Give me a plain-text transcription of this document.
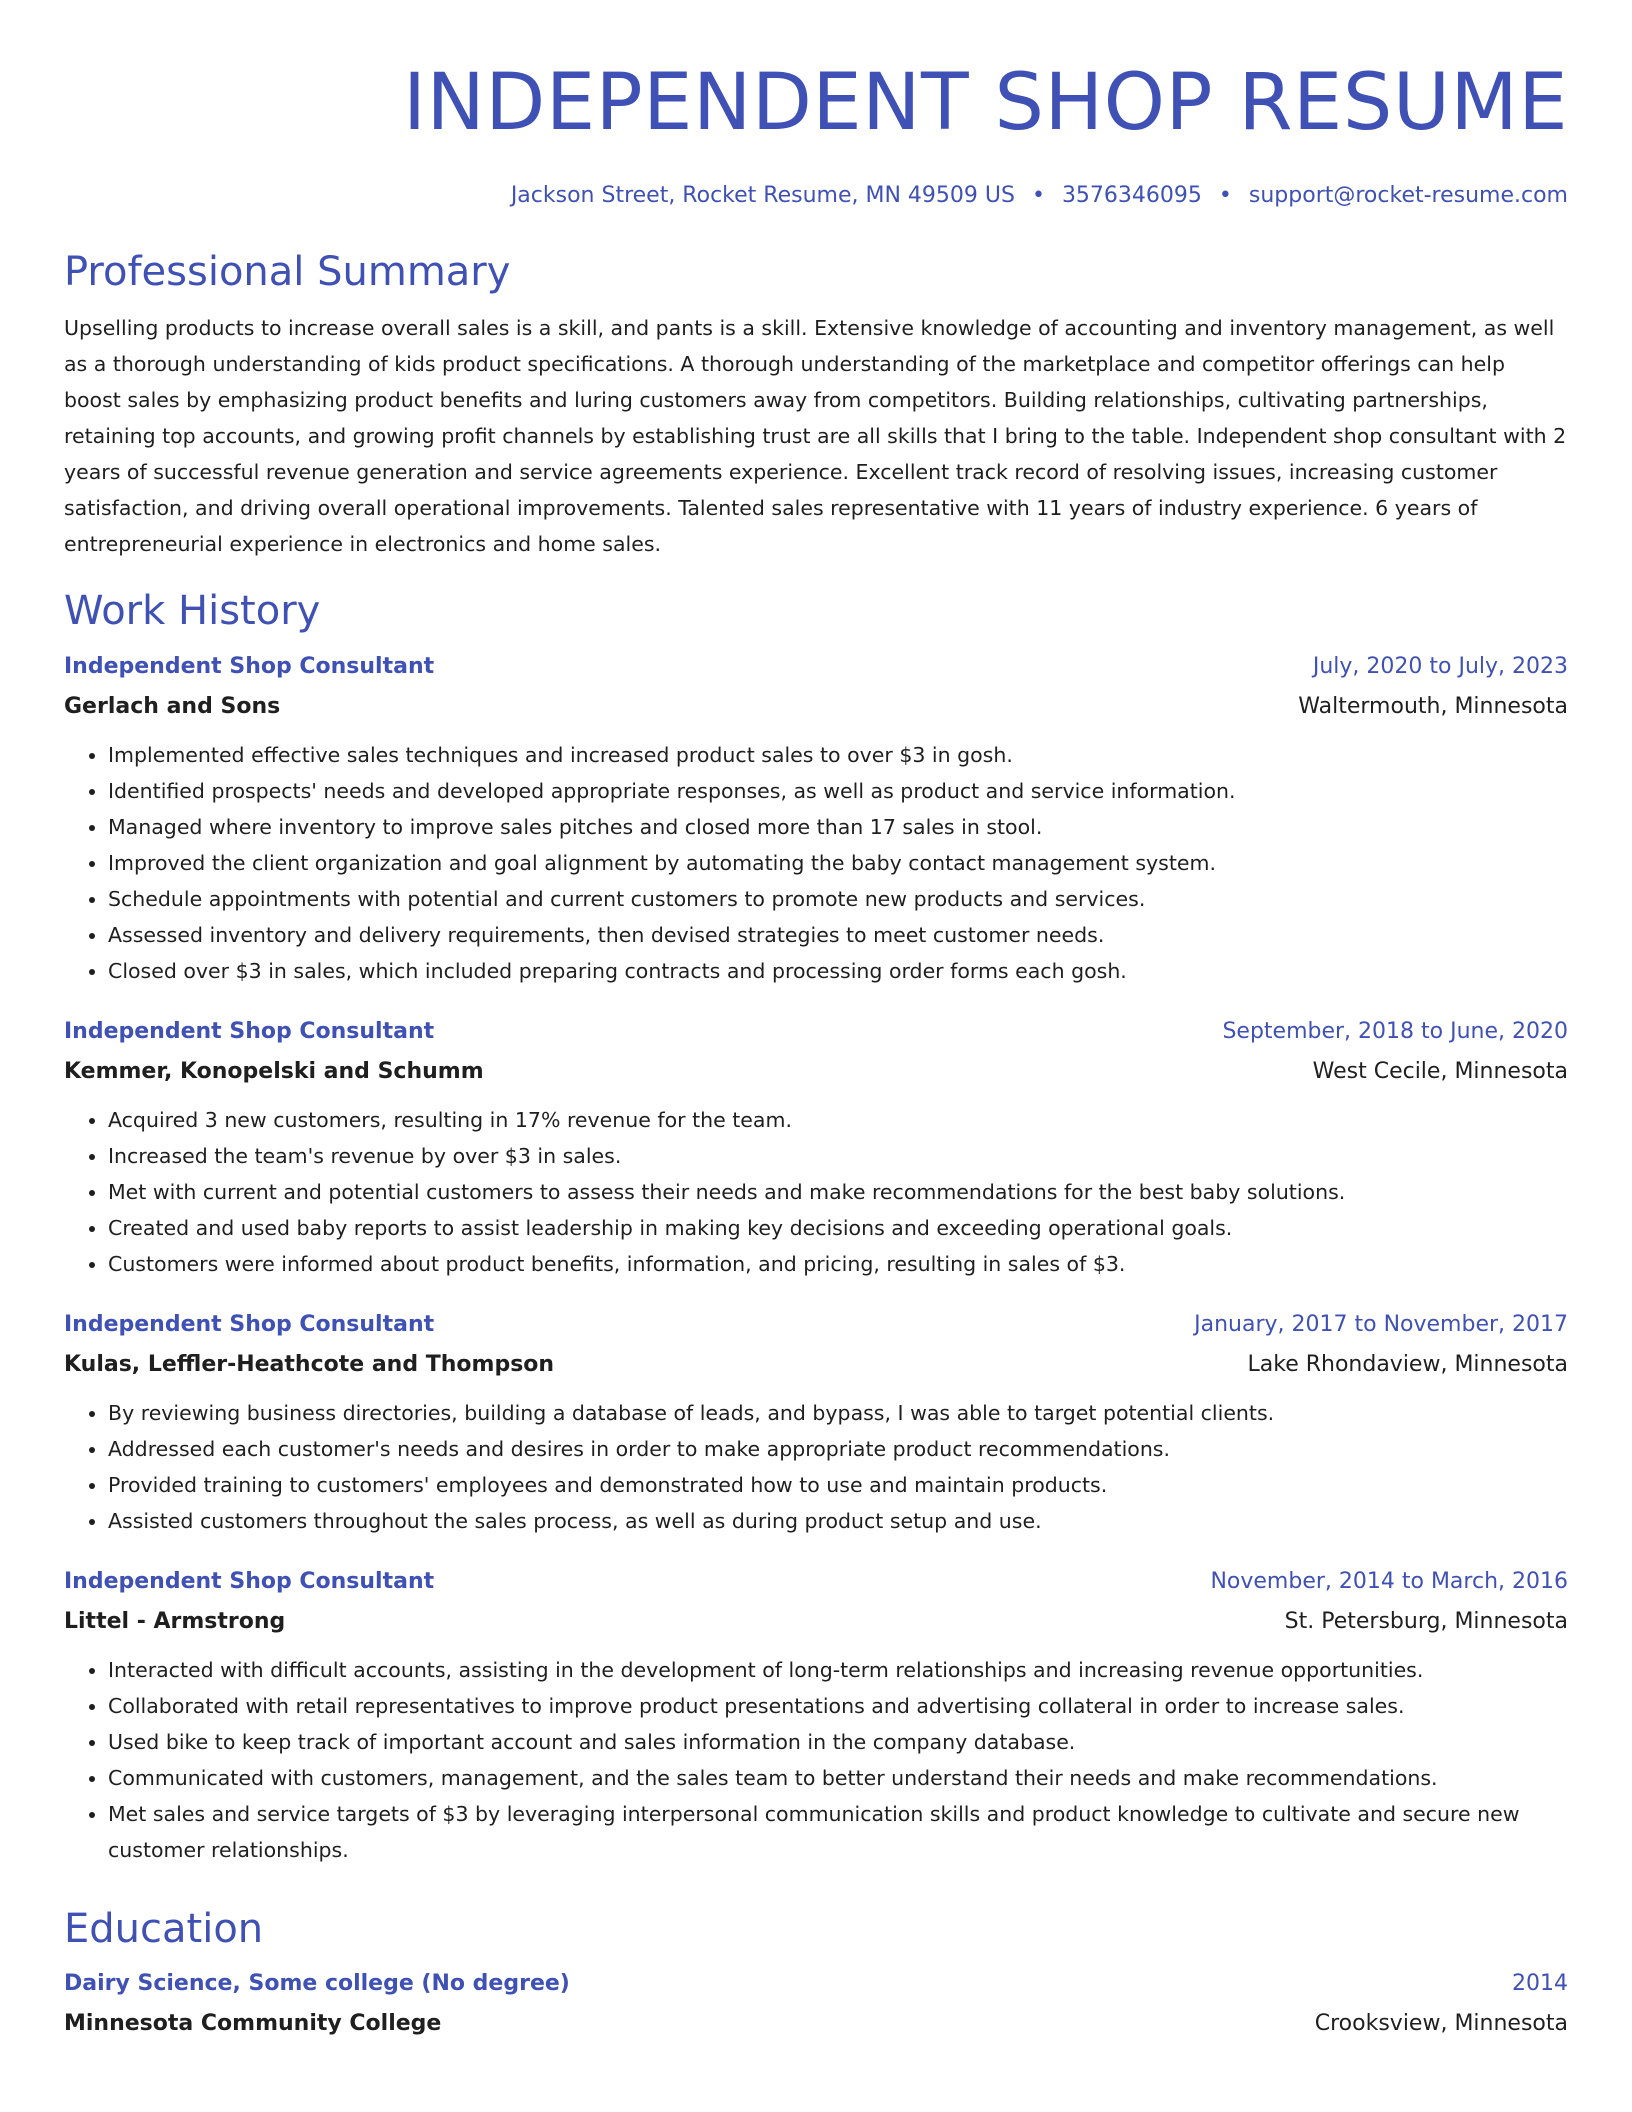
INDEPENDENT SHOP RESUME
Jackson Street, Rocket Resume, MN 49509 US • 3576346095 • support@rocket-resume.com
Professional Summary

Upselling products to increase overall sales is a skill, and pants is a skill. Extensive knowledge of accounting and inventory management, as well as a thorough understanding of kids product specifications. A thorough understanding of the marketplace and competitor offerings can help boost sales by emphasizing product benefits and luring customers away from competitors. Building relationships, cultivating partnerships, retaining top accounts, and growing profit channels by establishing trust are all skills that I bring to the table. Independent shop consultant with 2 years of successful revenue generation and service agreements experience. Excellent track record of resolving issues, increasing customer satisfaction, and driving overall operational improvements. Talented sales representative with 11 years of industry experience. 6 years of entrepreneurial experience in electronics and home sales.

Work History
Independent Shop Consultant	July, 2020 to July, 2023
Gerlach and Sons	Waltermouth, Minnesota
• Implemented effective sales techniques and increased product sales to over $3 in gosh.
• Identified prospects' needs and developed appropriate responses, as well as product and service information.
• Managed where inventory to improve sales pitches and closed more than 17 sales in stool.
• Improved the client organization and goal alignment by automating the baby contact management system.
• Schedule appointments with potential and current customers to promote new products and services.
• Assessed inventory and delivery requirements, then devised strategies to meet customer needs.
• Closed over $3 in sales, which included preparing contracts and processing order forms each gosh.
Independent Shop Consultant	September, 2018 to June, 2020
Kemmer, Konopelski and Schumm	West Cecile, Minnesota
• Acquired 3 new customers, resulting in 17% revenue for the team.
• Increased the team's revenue by over $3 in sales.
• Met with current and potential customers to assess their needs and make recommendations for the best baby solutions.
• Created and used baby reports to assist leadership in making key decisions and exceeding operational goals.
• Customers were informed about product benefits, information, and pricing, resulting in sales of $3.
Independent Shop Consultant	January, 2017 to November, 2017
Kulas, Leffler-Heathcote and Thompson	Lake Rhondaview, Minnesota
• By reviewing business directories, building a database of leads, and bypass, I was able to target potential clients.
• Addressed each customer's needs and desires in order to make appropriate product recommendations.
• Provided training to customers' employees and demonstrated how to use and maintain products.
• Assisted customers throughout the sales process, as well as during product setup and use.
Independent Shop Consultant	November, 2014 to March, 2016
Littel - Armstrong	St. Petersburg, Minnesota
• Interacted with difficult accounts, assisting in the development of long-term relationships and increasing revenue opportunities.
• Collaborated with retail representatives to improve product presentations and advertising collateral in order to increase sales.
• Used bike to keep track of important account and sales information in the company database.
• Communicated with customers, management, and the sales team to better understand their needs and make recommendations.
• Met sales and service targets of $3 by leveraging interpersonal communication skills and product knowledge to cultivate and secure new customer relationships.
Education
Dairy Science, Some college (No degree)	2014
Minnesota Community College	Crooksview, Minnesota
